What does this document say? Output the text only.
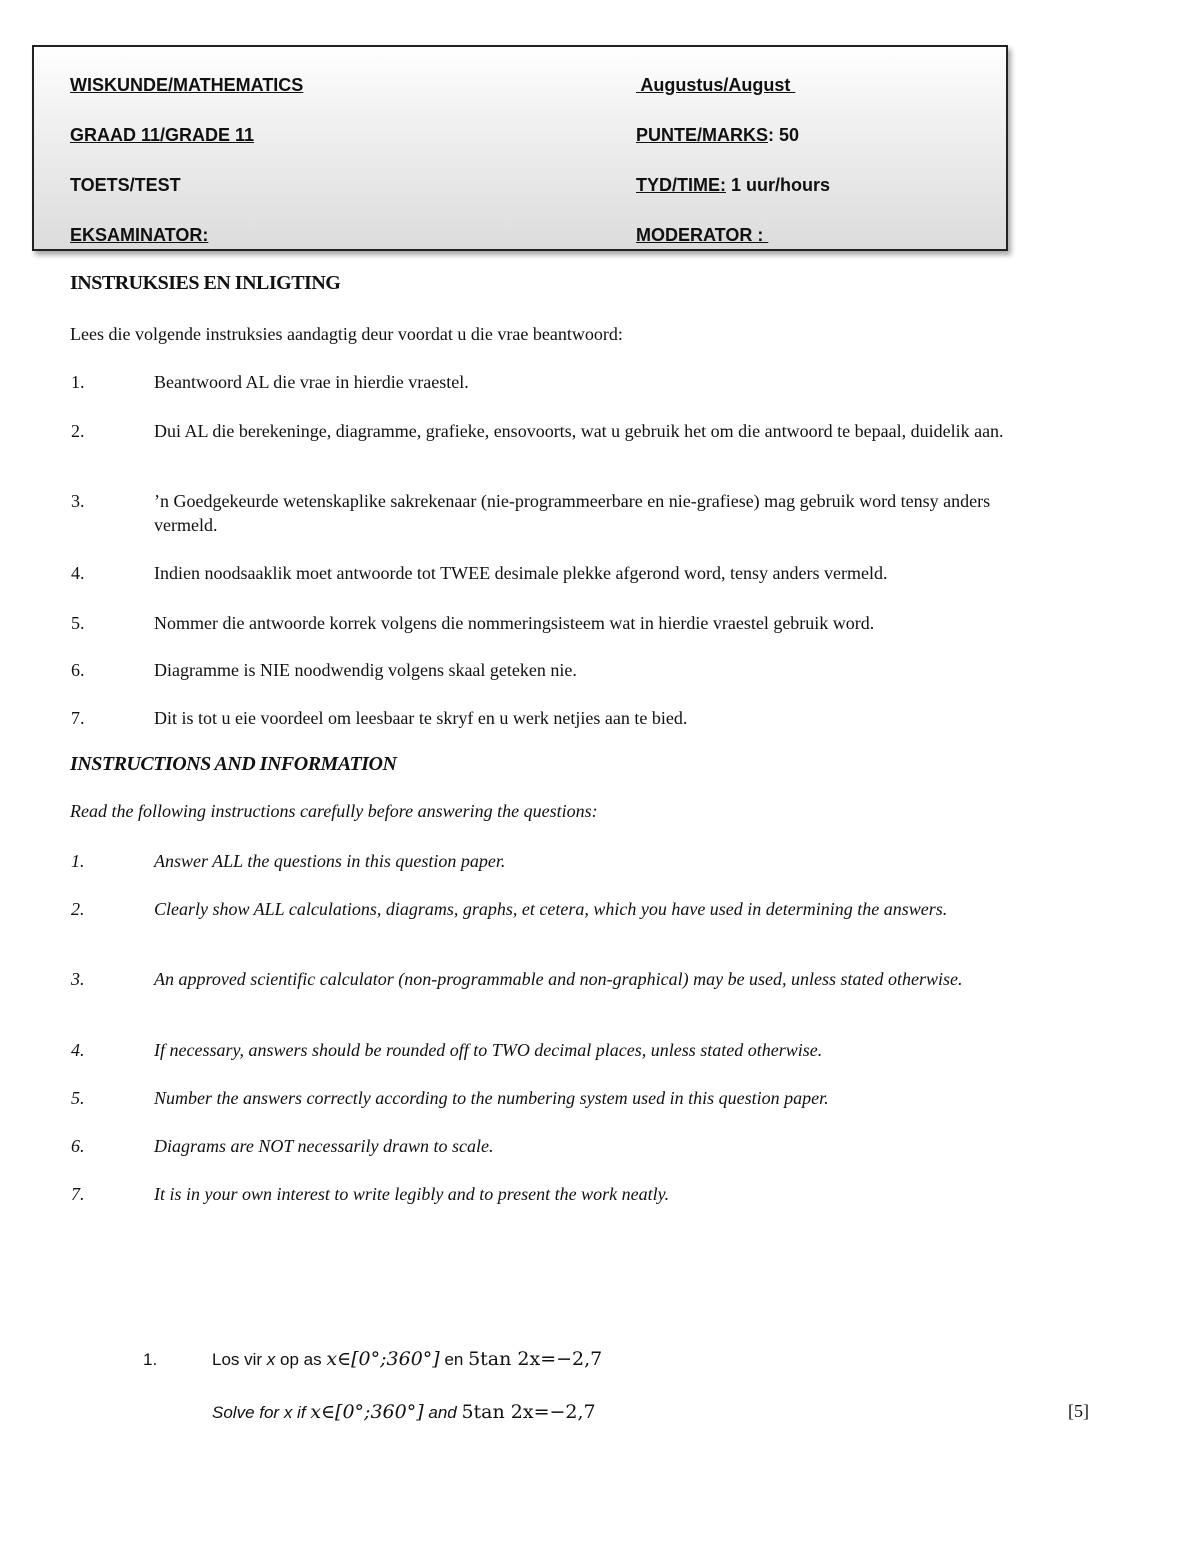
WISKUNDE/MATHEMATICS	Augustus/August
GRAAD 11/GRADE 11	PUNTE/MARKS: 50
TOETS/TEST	TYD/TIME: 1 uur/hours
EKSAMINATOR:	MODERATOR :
INSTRUKSIES EN INLIGTING
Lees die volgende instruksies aandagtig deur voordat u die vrae beantwoord:
1.	Beantwoord AL die vrae in hierdie vraestel.
2.	Dui AL die berekeninge, diagramme, grafieke, ensovoorts, wat u gebruik het om die antwoord te bepaal, duidelik aan.
3.	’n Goedgekeurde wetenskaplike sakrekenaar (nie-programmeerbare en nie-grafiese) mag gebruik word tensy anders vermeld.
4.	Indien noodsaaklik moet antwoorde tot TWEE desimale plekke afgerond word, tensy anders vermeld.
5.	Nommer die antwoorde korrek volgens die nommeringsisteem wat in hierdie vraestel gebruik word.
6.	Diagramme is NIE noodwendig volgens skaal geteken nie.
7.	Dit is tot u eie voordeel om leesbaar te skryf en u werk netjies aan te bied.
INSTRUCTIONS AND INFORMATION
Read the following instructions carefully before answering the questions:
1.	Answer ALL the questions in this question paper.
2.	Clearly show ALL calculations, diagrams, graphs, et cetera, which you have used in determining the answers.
3.	An approved scientific calculator (non-programmable and non-graphical) may be used, unless stated otherwise.
4.	If necessary, answers should be rounded off to TWO decimal places, unless stated otherwise.
5.	Number the answers correctly according to the numbering system used in this question paper.
6.	Diagrams are NOT necessarily drawn to scale.
7.	It is in your own interest to write legibly and to present the work neatly.
1.	Los vir x op as x∈[0°;360°] en 5tan 2x=−2,7
Solve for x if x∈[0°;360°] and 5tan 2x=−2,7	[5]
